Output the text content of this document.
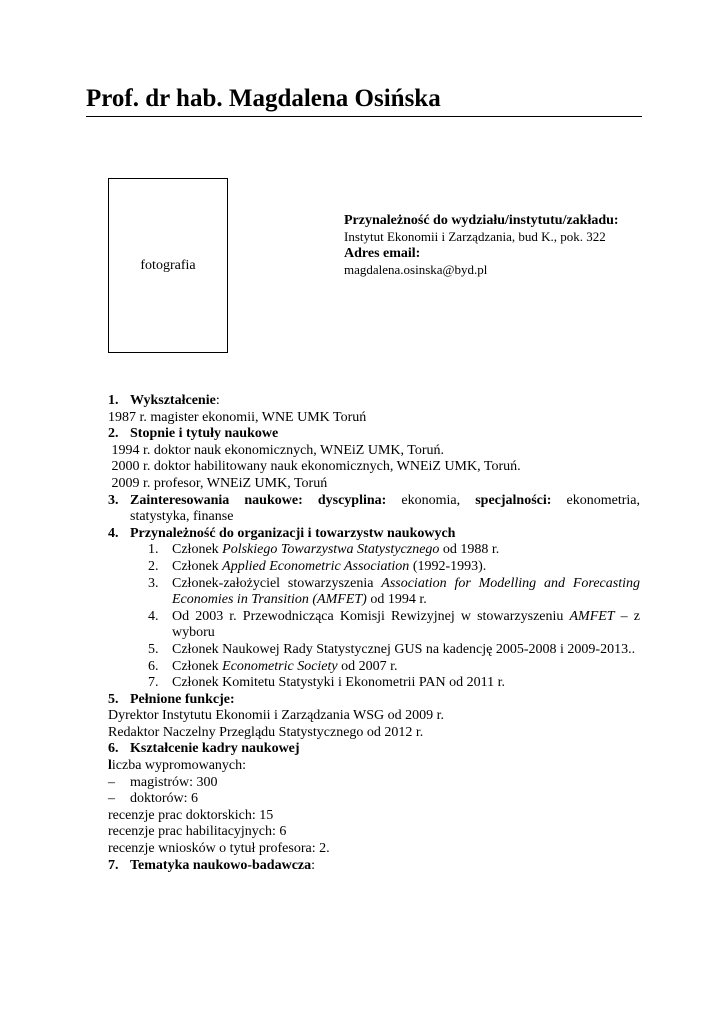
Prof. dr hab. Magdalena Osińska
fotografia
Przynależność do wydziału/instytutu/zakładu:
Instytut Ekonomii i Zarządzania, bud K., pok. 322
Adres email:
magdalena.osinska@byd.pl
1. Wykształcenie:
1987 r. magister ekonomii, WNE UMK Toruń
2. Stopnie i tytuły naukowe
1994 r. doktor nauk ekonomicznych, WNEiZ UMK, Toruń.
2000 r. doktor habilitowany nauk ekonomicznych, WNEiZ UMK, Toruń.
2009 r. profesor, WNEiZ UMK, Toruń
3. Zainteresowania naukowe: dyscyplina: ekonomia, specjalności: ekonometria, statystyka, finanse
4. Przynależność do organizacji i towarzystw naukowych
1. Członek Polskiego Towarzystwa Statystycznego od 1988 r.
2. Członek Applied Econometric Association (1992-1993).
3. Członek-założyciel stowarzyszenia Association for Modelling and Forecasting Economies in Transition (AMFET) od 1994 r.
4. Od 2003 r. Przewodnicząca Komisji Rewizyjnej w stowarzyszeniu AMFET – z wyboru
5. Członek Naukowej Rady Statystycznej GUS na kadencję 2005-2008 i 2009-2013..
6. Członek Econometric Society od 2007 r.
7. Członek Komitetu Statystyki i Ekonometrii PAN od 2011 r.
5. Pełnione funkcje:
Dyrektor Instytutu Ekonomii i Zarządzania WSG od 2009 r.
Redaktor Naczelny Przeglądu Statystycznego od 2012 r.
6. Kształcenie kadry naukowej
liczba wypromowanych:
–	magistrów: 300
–	doktorów: 6
recenzje prac doktorskich: 15
recenzje prac habilitacyjnych: 6
recenzje wniosków o tytuł profesora: 2.
7. Tematyka naukowo-badawcza:
